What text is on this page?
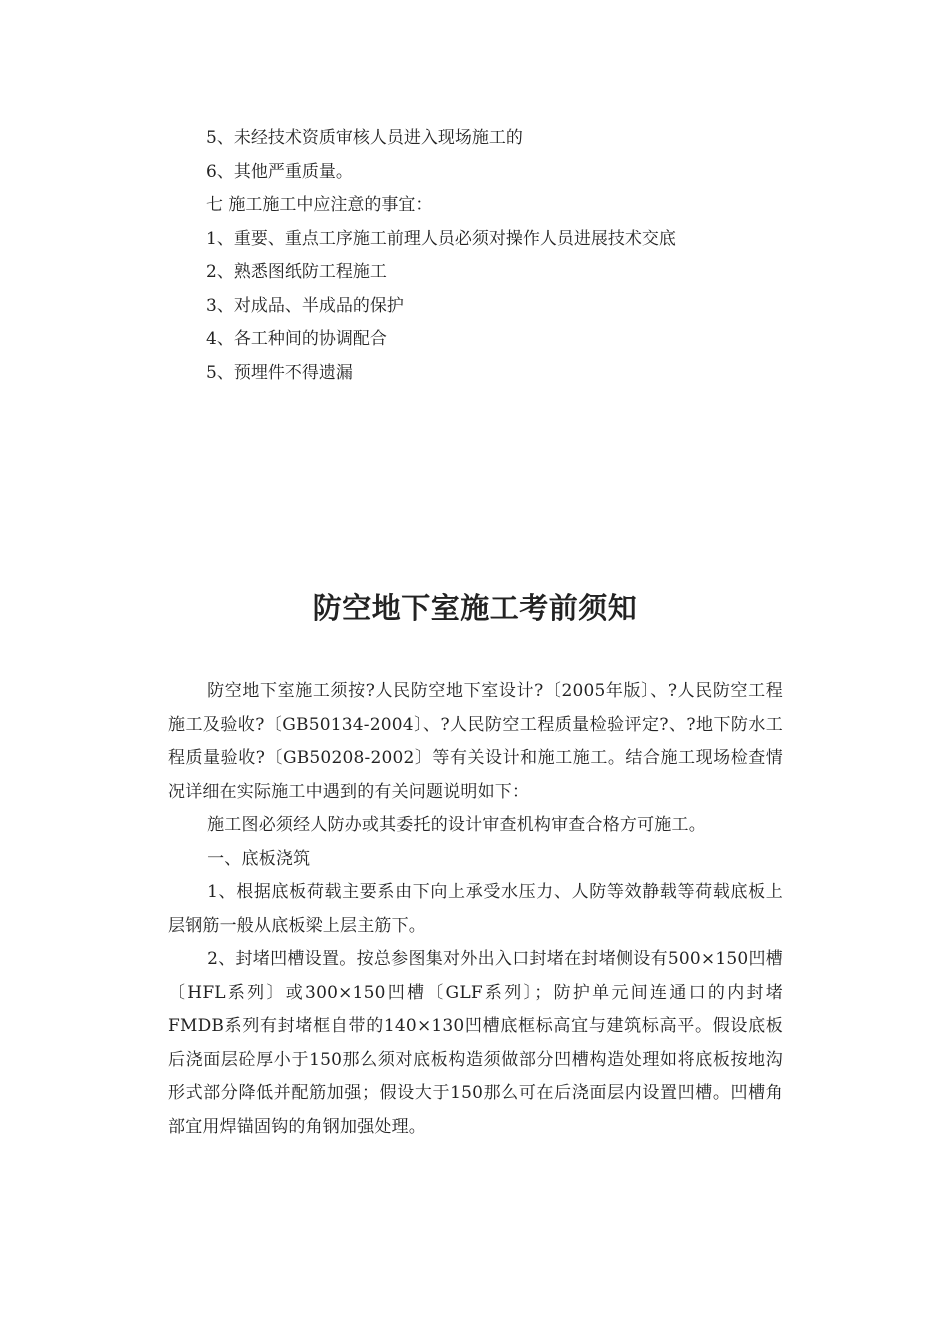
5、未经技术资质审核人员进入现场施工的
6、其他严重质量。
七 施工施工中应注意的事宜：
1、重要、重点工序施工前理人员必须对操作人员进展技术交底
2、熟悉图纸防工程施工
3、对成品、半成品的保护
4、各工种间的协调配合
5、预埋件不得遗漏
防空地下室施工考前须知

防空地下室施工须按?人民防空地下室设计?〔2005年版〕、?人民防空工程施工及验收?〔GB50134-2004〕、?人民防空工程质量检验评定?、?地下防水工程质量验收?〔GB50208-2002〕等有关设计和施工施工。结合施工现场检查情况详细在实际施工中遇到的有关问题说明如下：

施工图必须经人防办或其委托的设计审查机构审查合格方可施工。

一、底板浇筑

1、根据底板荷载主要系由下向上承受水压力、人防等效静载等荷载底板上层钢筋一般从底板梁上层主筋下。

2、封堵凹槽设置。按总参图集对外出入口封堵在封堵侧设有500×150凹槽〔HFL系列〕或300×150凹槽〔GLF系列〕；防护单元间连通口的内封堵FMDB系列有封堵框自带的140×130凹槽底框标高宜与建筑标高平。假设底板后浇面层砼厚小于150那么须对底板构造须做部分凹槽构造处理如将底板按地沟形式部分降低并配筋加强；假设大于150那么可在后浇面层内设置凹槽。凹槽角部宜用焊锚固钩的角钢加强处理。
